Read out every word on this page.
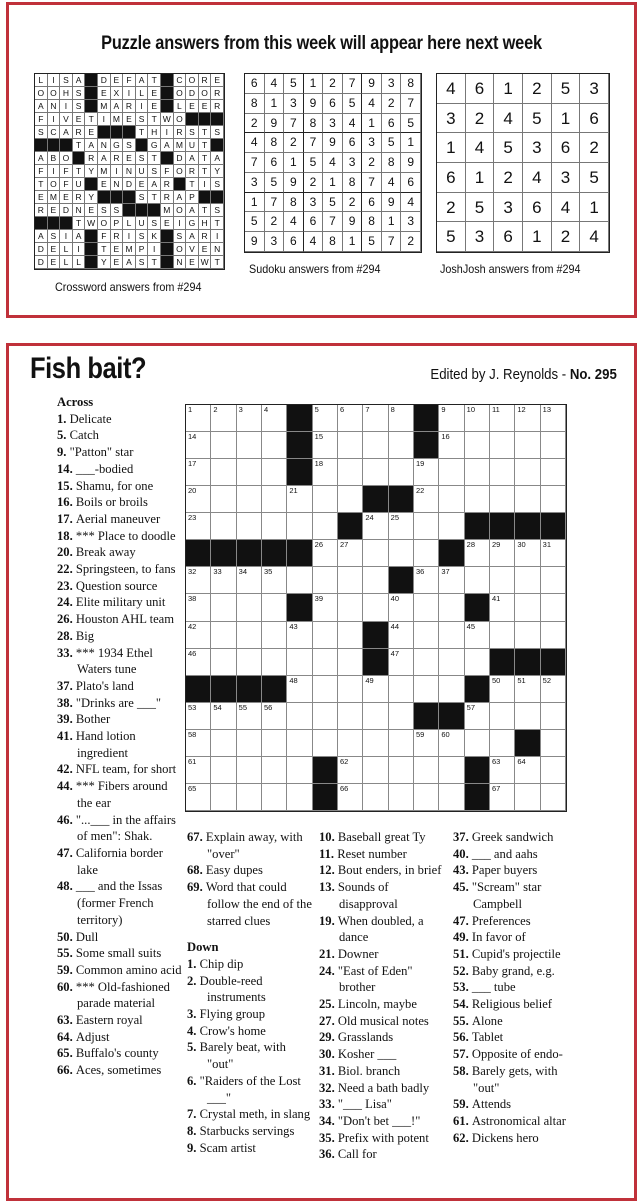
Puzzle answers from this week will appear here next week
L	I	S A	D E F A T	C O R E
O O H S	E X	I	L E	O D O R
A N I	S	M A R I	E	L E E R
F	I	V E T	I M E S T W O
S C A R E	T H I R S T S
T A N G S	G A M U T
A B O	R A R E S T	D A T A
F	I	F T Y M I N U S F O R T Y
T O F U	E N D E A R	T	I	S
E M E R Y	S T R A P
R E D N E S S	M O A T S
T W O P L U S E	I G H T
A S	I	A	F R I	S K	S A R I
D E L	I	T E M P	I	O V E N
D E L L	Y E A S T	N E W T
6	4	5	1	2	7	9	3	8
8	1	3	9	6	5	4	2	7
2	9	7	8	3	4	1	6	5
4	8	2	7	9	6	3	5	1
7	6	1	5	4	3	2	8	9
3	5	9	2	1	8	7	4	6
1	7	8	3	5	2	6	9	4
5	2	4	6	7	9	8	1	3
9	3	6	4	8	1	5	7	2
4	6	1	2	5	3
3	2	4	5	1	6
1	4	5	3	6	2
6	1	2	4	3	5
2	5	3	6	4	1
5	3	6	1	2	4
Crossword answers from #294
Sudoku answers from #294	JoshJosh answers from #294
Fish bait?	Edited by J. Reynolds - No. 295
1	2	3	4	5	6	7	8	9	10 11 12 13
14	15	16
17	18	19
20	21	22
23	24 25
26 27	28 29 30 31
32 33 34 35	36 37
38	39	40	41
42	43	44	45
46	47
48	49	50 51 52
53 54 55 56	57
58	59 60
61	62	63 64
65	66	67
Across
1. Delicate
5. Catch
9. "Patton" star
14. ___-bodied
15. Shamu, for one
16. Boils or broils
17. Aerial maneuver
18. *** Place to doodle
20. Break away
22. Springsteen, to fans
23. Question source
24. Elite military unit
26. Houston AHL team
28. Big
33. *** 1934 Ethel Waters tune
37. Plato's land
38. "Drinks are ___"
39. Bother
41. Hand lotion ingredient
42. NFL team, for short
44. *** Fibers around the ear
46. "...___ in the affairs of men": Shak.
47. California border lake
48. ___ and the Issas (former French territory)
50. Dull
55. Some small suits
59. Common amino acid
60. *** Old-fashioned parade material
63. Eastern royal
64. Adjust
65. Buffalo's county
66. Aces, sometimes
67. Explain away, with "over"
68. Easy dupes
69. Word that could follow the end of the starred clues
Down
1. Chip dip
2. Double-reed instruments
3. Flying group
4. Crow's home
5. Barely beat, with "out"
6. "Raiders of the Lost ___"
7. Crystal meth, in slang
8. Starbucks servings
9. Scam artist
10. Baseball great Ty
11. Reset number
12. Bout enders, in brief
13. Sounds of disapproval
19. When doubled, a dance
21. Downer
24. "East of Eden" brother
25. Lincoln, maybe
27. Old musical notes
29. Grasslands
30. Kosher ___
31. Biol. branch
32. Need a bath badly
33. "___ Lisa"
34. "Don't bet ___!"
35. Prefix with potent
36. Call for
37. Greek sandwich
40. ___ and aahs
43. Paper buyers
45. "Scream" star Campbell
47. Preferences
49. In favor of
51. Cupid's projectile
52. Baby grand, e.g.
53. ___ tube
54. Religious belief
55. Alone
56. Tablet
57. Opposite of endo-
58. Barely gets, with "out"
59. Attends
61. Astronomical altar
62. Dickens hero
